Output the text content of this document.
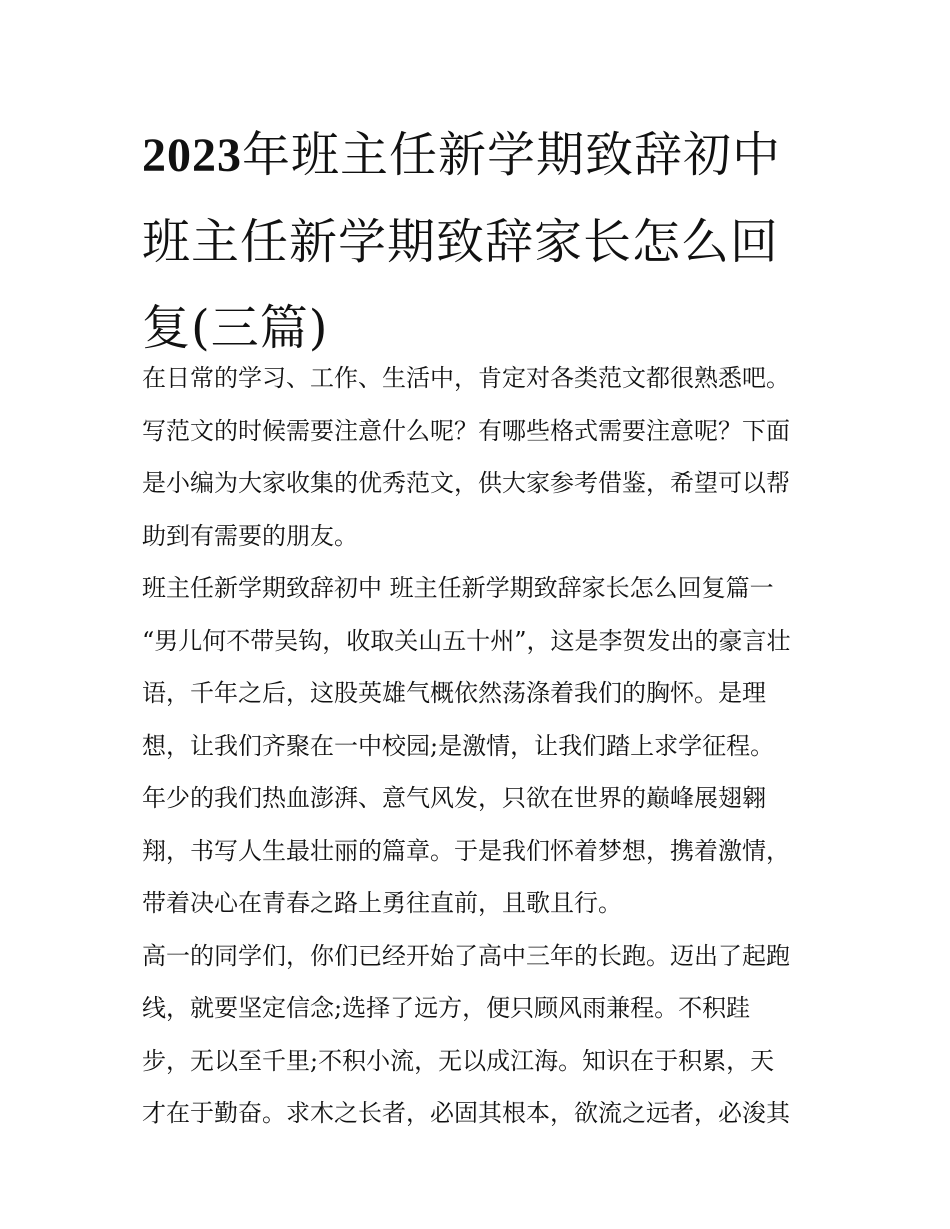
2023年班主任新学期致辞初中
班主任新学期致辞家长怎么回
复(三篇)
在日常的学习、工作、生活中，肯定对各类范文都很熟悉吧。
写范文的时候需要注意什么呢？有哪些格式需要注意呢？下面
是小编为大家收集的优秀范文，供大家参考借鉴，希望可以帮
助到有需要的朋友。
班主任新学期致辞初中 班主任新学期致辞家长怎么回复篇一
“男儿何不带吴钩，收取关山五十州”，这是李贺发出的豪言壮
语，千年之后，这股英雄气概依然荡涤着我们的胸怀。是理
想，让我们齐聚在一中校园;是激情，让我们踏上求学征程。
年少的我们热血澎湃、意气风发，只欲在世界的巅峰展翅翱
翔，书写人生最壮丽的篇章。于是我们怀着梦想，携着激情，
带着决心在青春之路上勇往直前，且歌且行。
高一的同学们，你们已经开始了高中三年的长跑。迈出了起跑
线，就要坚定信念;选择了远方，便只顾风雨兼程。不积跬
步，无以至千里;不积小流，无以成江海。知识在于积累，天
才在于勤奋。求木之长者，必固其根本，欲流之远者，必浚其
